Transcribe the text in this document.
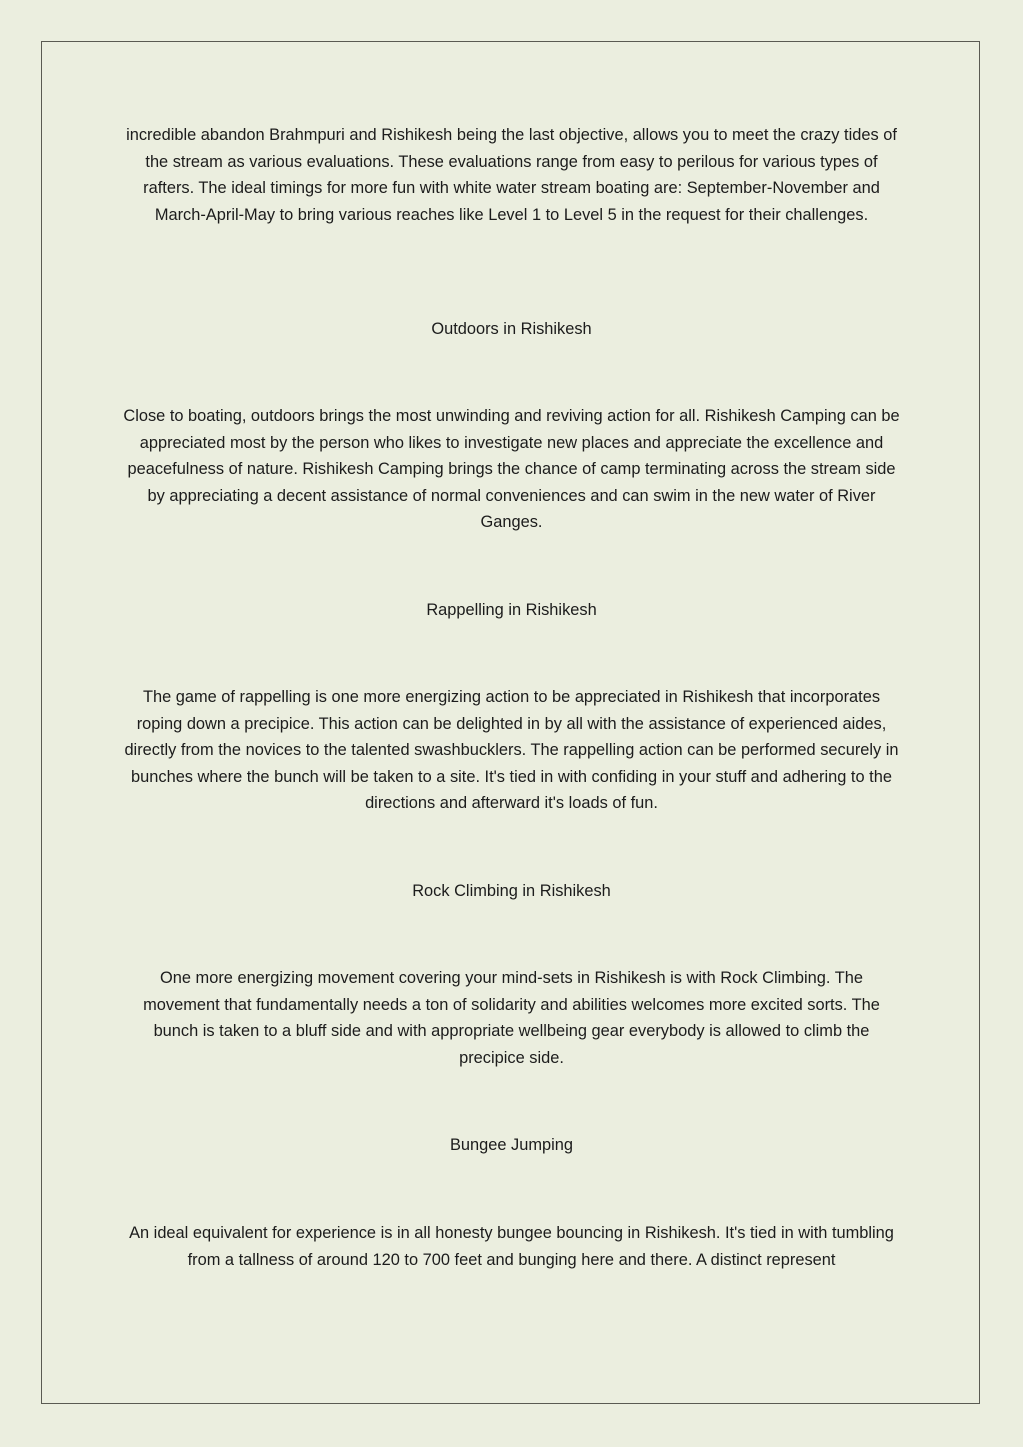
incredible abandon Brahmpuri and Rishikesh being the last objective, allows you to meet the crazy tides of the stream as various evaluations. These evaluations range from easy to perilous for various types of rafters. The ideal timings for more fun with white water stream boating are: September-November and March-April-May to bring various reaches like Level 1 to Level 5 in the request for their challenges.

Outdoors in Rishikesh

Close to boating, outdoors brings the most unwinding and reviving action for all. Rishikesh Camping can be appreciated most by the person who likes to investigate new places and appreciate the excellence and peacefulness of nature. Rishikesh Camping brings the chance of camp terminating across the stream side by appreciating a decent assistance of normal conveniences and can swim in the new water of River Ganges.

Rappelling in Rishikesh

The game of rappelling is one more energizing action to be appreciated in Rishikesh that incorporates roping down a precipice. This action can be delighted in by all with the assistance of experienced aides, directly from the novices to the talented swashbucklers. The rappelling action can be performed securely in bunches where the bunch will be taken to a site. It's tied in with confiding in your stuff and adhering to the directions and afterward it's loads of fun.

Rock Climbing in Rishikesh

One more energizing movement covering your mind-sets in Rishikesh is with Rock Climbing. The movement that fundamentally needs a ton of solidarity and abilities welcomes more excited sorts. The bunch is taken to a bluff side and with appropriate wellbeing gear everybody is allowed to climb the precipice side.

Bungee Jumping

An ideal equivalent for experience is in all honesty bungee bouncing in Rishikesh. It's tied in with tumbling from a tallness of around 120 to 700 feet and bunging here and there. A distinct represent
